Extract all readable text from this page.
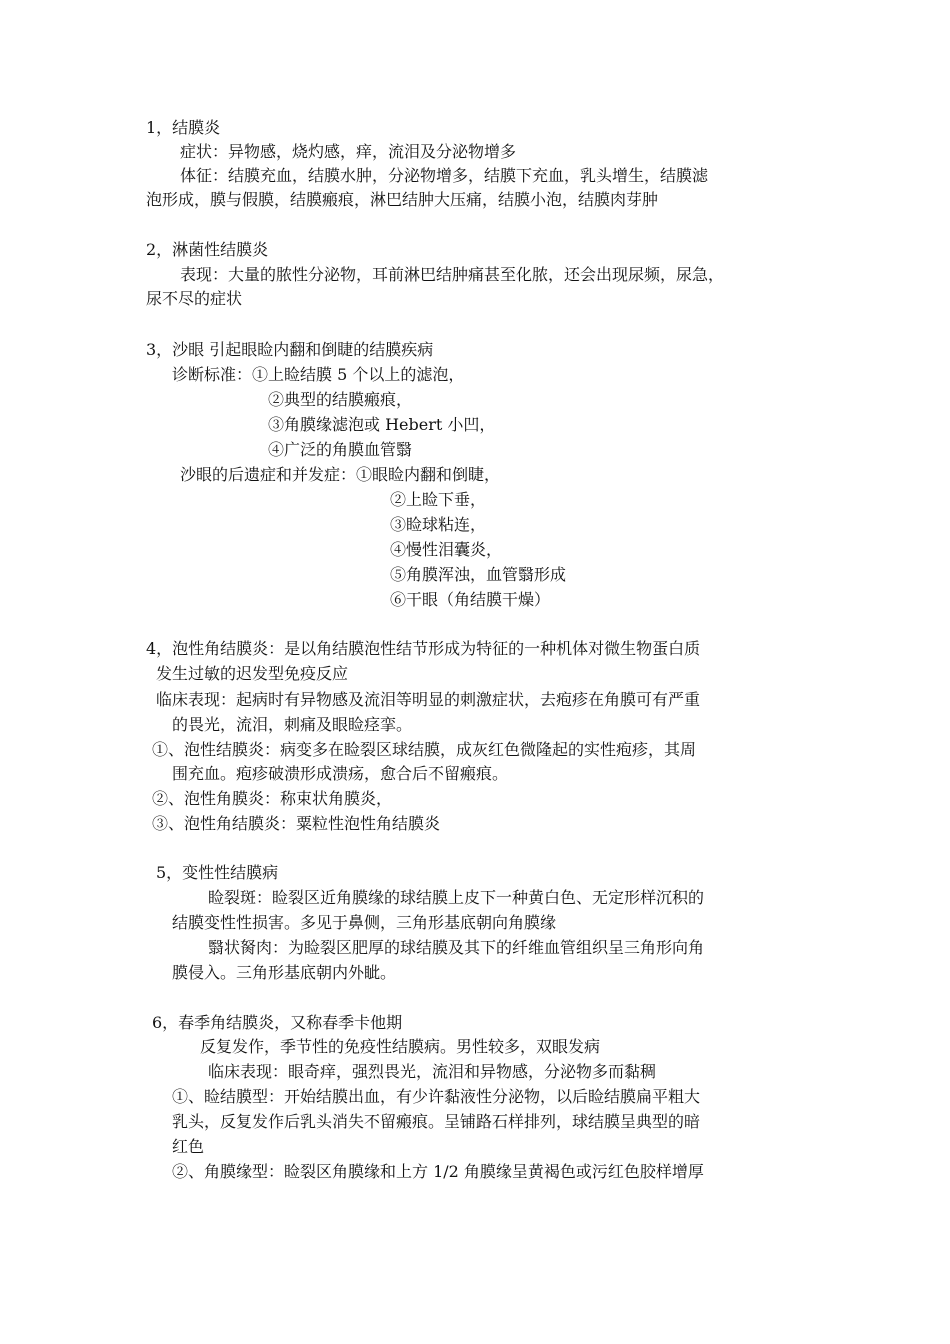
1，结膜炎
症状：异物感，烧灼感，痒，流泪及分泌物增多
体征：结膜充血，结膜水肿，分泌物增多，结膜下充血，乳头增生，结膜滤
泡形成，膜与假膜，结膜瘢痕，淋巴结肿大压痛，结膜小泡，结膜肉芽肿
2，淋菌性结膜炎
表现：大量的脓性分泌物，耳前淋巴结肿痛甚至化脓，还会出现尿频，尿急，
尿不尽的症状
3，沙眼 引起眼睑内翻和倒睫的结膜疾病
诊断标准：①上睑结膜 5 个以上的滤泡，
②典型的结膜瘢痕，
③角膜缘滤泡或 Hebert 小凹，
④广泛的角膜血管翳
沙眼的后遗症和并发症：①眼睑内翻和倒睫，
②上睑下垂，
③睑球粘连，
④慢性泪囊炎，
⑤角膜浑浊，血管翳形成
⑥干眼（角结膜干燥）
4，泡性角结膜炎：是以角结膜泡性结节形成为特征的一种机体对微生物蛋白质
发生过敏的迟发型免疫反应
临床表现：起病时有异物感及流泪等明显的刺激症状，去疱疹在角膜可有严重
的畏光，流泪，刺痛及眼睑痉挛。
①、泡性结膜炎：病变多在睑裂区球结膜，成灰红色微隆起的实性疱疹，其周
围充血。疱疹破溃形成溃疡，愈合后不留瘢痕。
②、泡性角膜炎：称束状角膜炎，
③、泡性角结膜炎：粟粒性泡性角结膜炎
5，变性性结膜病
睑裂斑：睑裂区近角膜缘的球结膜上皮下一种黄白色、无定形样沉积的
结膜变性性损害。多见于鼻侧，三角形基底朝向角膜缘
翳状胬肉：为睑裂区肥厚的球结膜及其下的纤维血管组织呈三角形向角
膜侵入。三角形基底朝内外眦。
6，春季角结膜炎，又称春季卡他期
反复发作，季节性的免疫性结膜病。男性较多，双眼发病
临床表现：眼奇痒，强烈畏光，流泪和异物感，分泌物多而黏稠
①、睑结膜型：开始结膜出血，有少许黏液性分泌物，以后睑结膜扁平粗大
乳头，反复发作后乳头消失不留瘢痕。呈铺路石样排列，球结膜呈典型的暗
红色
②、角膜缘型：睑裂区角膜缘和上方 1/2 角膜缘呈黄褐色或污红色胶样增厚
